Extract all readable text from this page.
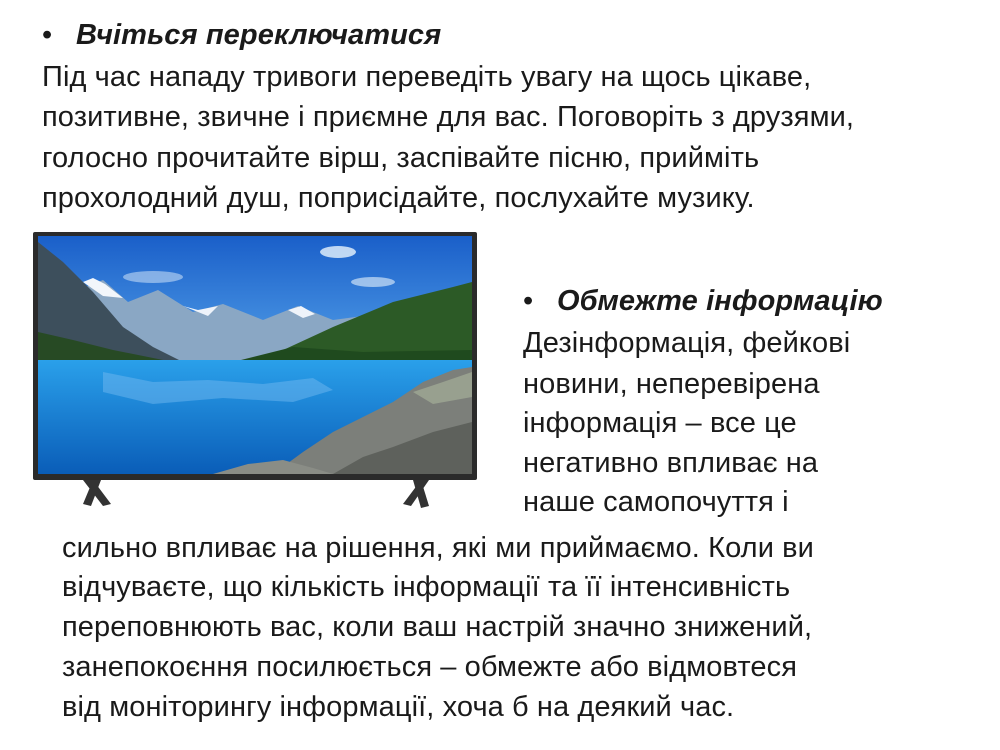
• Вчіться переключатися
Під час нападу тривоги переведіть увагу на щось цікаве,
позитивне, звичне і приємне для вас. Поговоріть з друзями,
голосно прочитайте вірш, заспівайте пісню, прийміть
прохолодний душ, поприсідайте, послухайте музику.
• Обмежте інформацію
Дезінформація, фейкові
новини, неперевірена
інформація – все це
негативно впливає на
наше самопочуття і
сильно впливає на рішення, які ми приймаємо. Коли ви
відчуваєте, що кількість інформації та її інтенсивність
переповнюють вас, коли ваш настрій значно знижений,
занепокоєння посилюється – обмежте або відмовтеся
від моніторингу інформації, хоча б на деякий час.
